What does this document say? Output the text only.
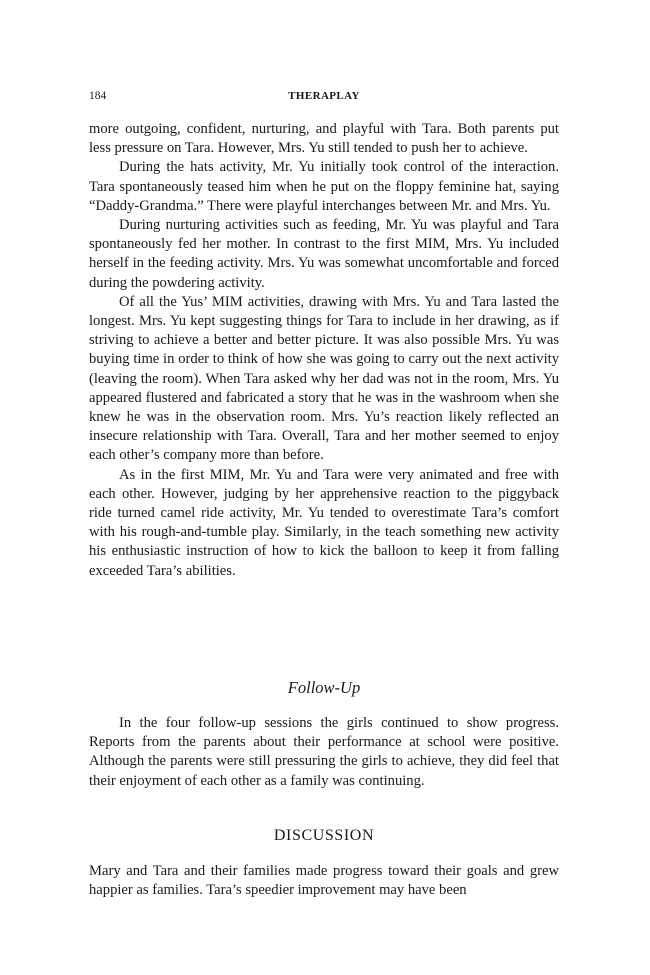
184	THERAPLAY

more outgoing, confident, nurturing, and playful with Tara. Both parents put less pressure on Tara. However, Mrs. Yu still tended to push her to achieve.

During the hats activity, Mr. Yu initially took control of the interaction. Tara spontaneously teased him when he put on the floppy feminine hat, saying “Daddy-Grandma.” There were playful interchanges between Mr. and Mrs. Yu.

During nurturing activities such as feeding, Mr. Yu was playful and Tara spontaneously fed her mother. In contrast to the first MIM, Mrs. Yu included herself in the feeding activity. Mrs. Yu was somewhat uncomfortable and forced during the powdering activity.

Of all the Yus’ MIM activities, drawing with Mrs. Yu and Tara lasted the longest. Mrs. Yu kept suggesting things for Tara to include in her drawing, as if striving to achieve a better and better picture. It was also possible Mrs. Yu was buying time in order to think of how she was going to carry out the next activity (leaving the room). When Tara asked why her dad was not in the room, Mrs. Yu appeared flustered and fabricated a story that he was in the washroom when she knew he was in the observation room. Mrs. Yu’s reaction likely reflected an insecure relationship with Tara. Overall, Tara and her mother seemed to enjoy each other’s company more than before.

As in the first MIM, Mr. Yu and Tara were very animated and free with each other. However, judging by her apprehensive reaction to the piggyback ride turned camel ride activity, Mr. Yu tended to overestimate Tara’s comfort with his rough-and-tumble play. Similarly, in the teach something new activity his enthusiastic instruction of how to kick the balloon to keep it from falling exceeded Tara’s abilities.

Follow-Up

In the four follow-up sessions the girls continued to show progress. Reports from the parents about their performance at school were positive. Although the parents were still pressuring the girls to achieve, they did feel that their enjoyment of each other as a family was continuing.

DISCUSSION

Mary and Tara and their families made progress toward their goals and grew happier as families. Tara’s speedier improvement may have been
